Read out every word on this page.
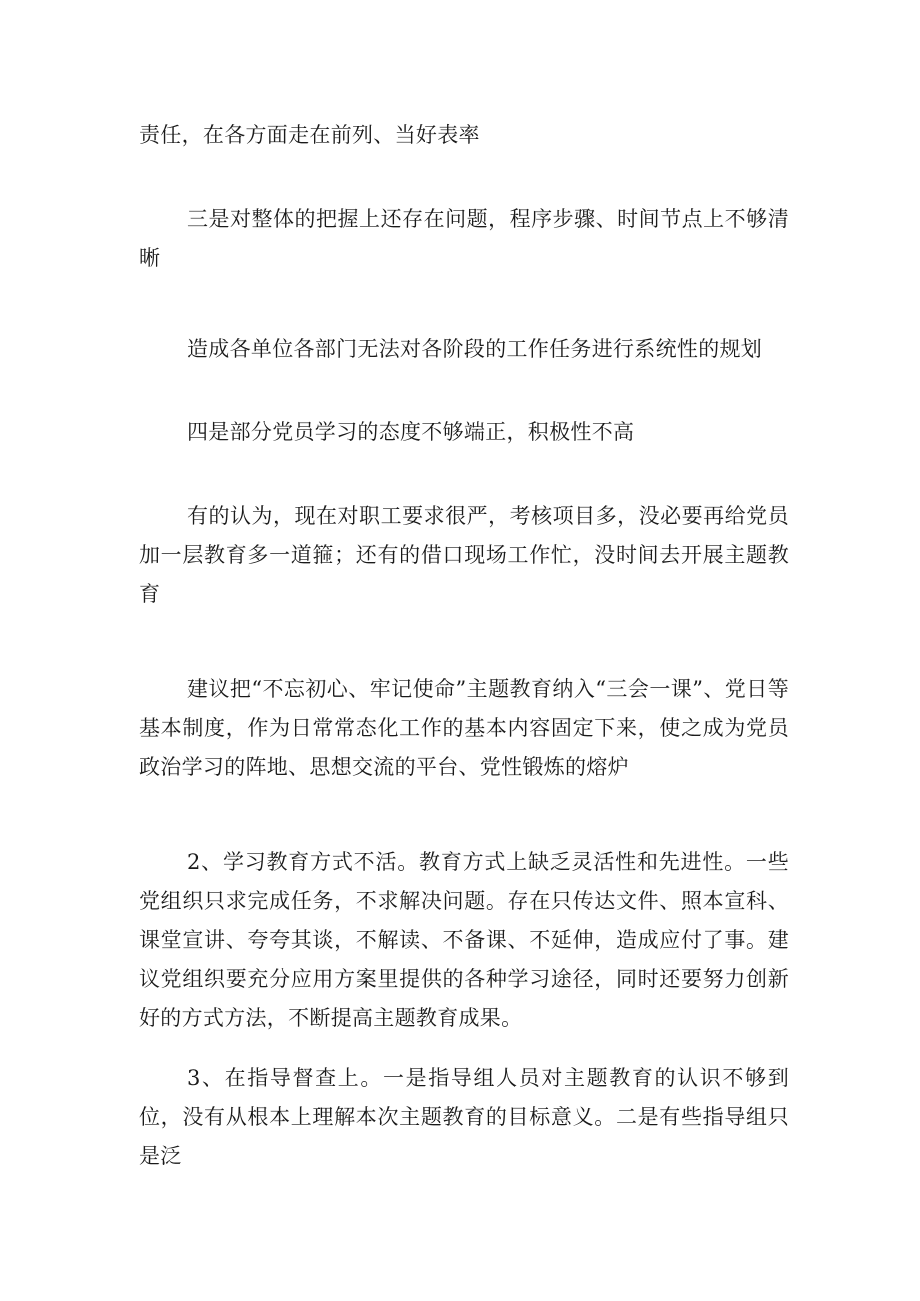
责任，在各方面走在前列、当好表率

三是对整体的把握上还存在问题，程序步骤、时间节点上不够清晰

造成各单位各部门无法对各阶段的工作任务进行系统性的规划

四是部分党员学习的态度不够端正，积极性不高

有的认为，现在对职工要求很严，考核项目多，没必要再给党员加一层教育多一道箍；还有的借口现场工作忙，没时间去开展主题教育

建议把“不忘初心、牢记使命”主题教育纳入“三会一课”、党日等基本制度，作为日常常态化工作的基本内容固定下来，使之成为党员政治学习的阵地、思想交流的平台、党性锻炼的熔炉

2、学习教育方式不活。教育方式上缺乏灵活性和先进性。一些党组织只求完成任务，不求解决问题。存在只传达文件、照本宣科、课堂宣讲、夸夸其谈，不解读、不备课、不延伸，造成应付了事。建议党组织要充分应用方案里提供的各种学习途径，同时还要努力创新好的方式方法，不断提高主题教育成果。

3、在指导督查上。一是指导组人员对主题教育的认识不够到位，没有从根本上理解本次主题教育的目标意义。二是有些指导组只是泛
